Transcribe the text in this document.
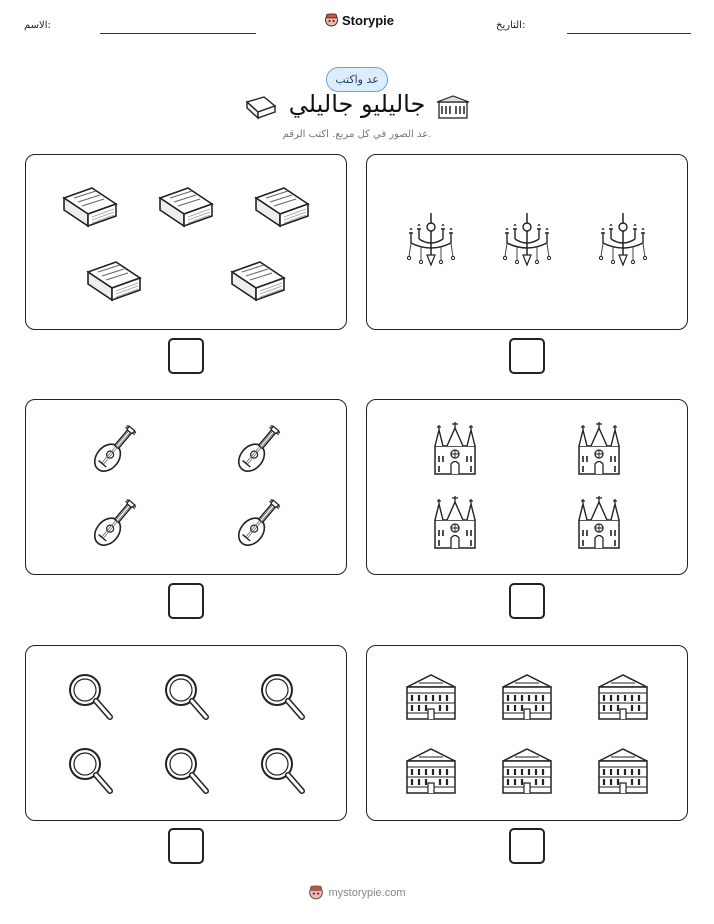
الاسم:	Storypie	التاريخ:
عد واكتب
جاليليو جاليلي
عد الصور في كل مربع. اكتب الرقم.
mystorypie.com
